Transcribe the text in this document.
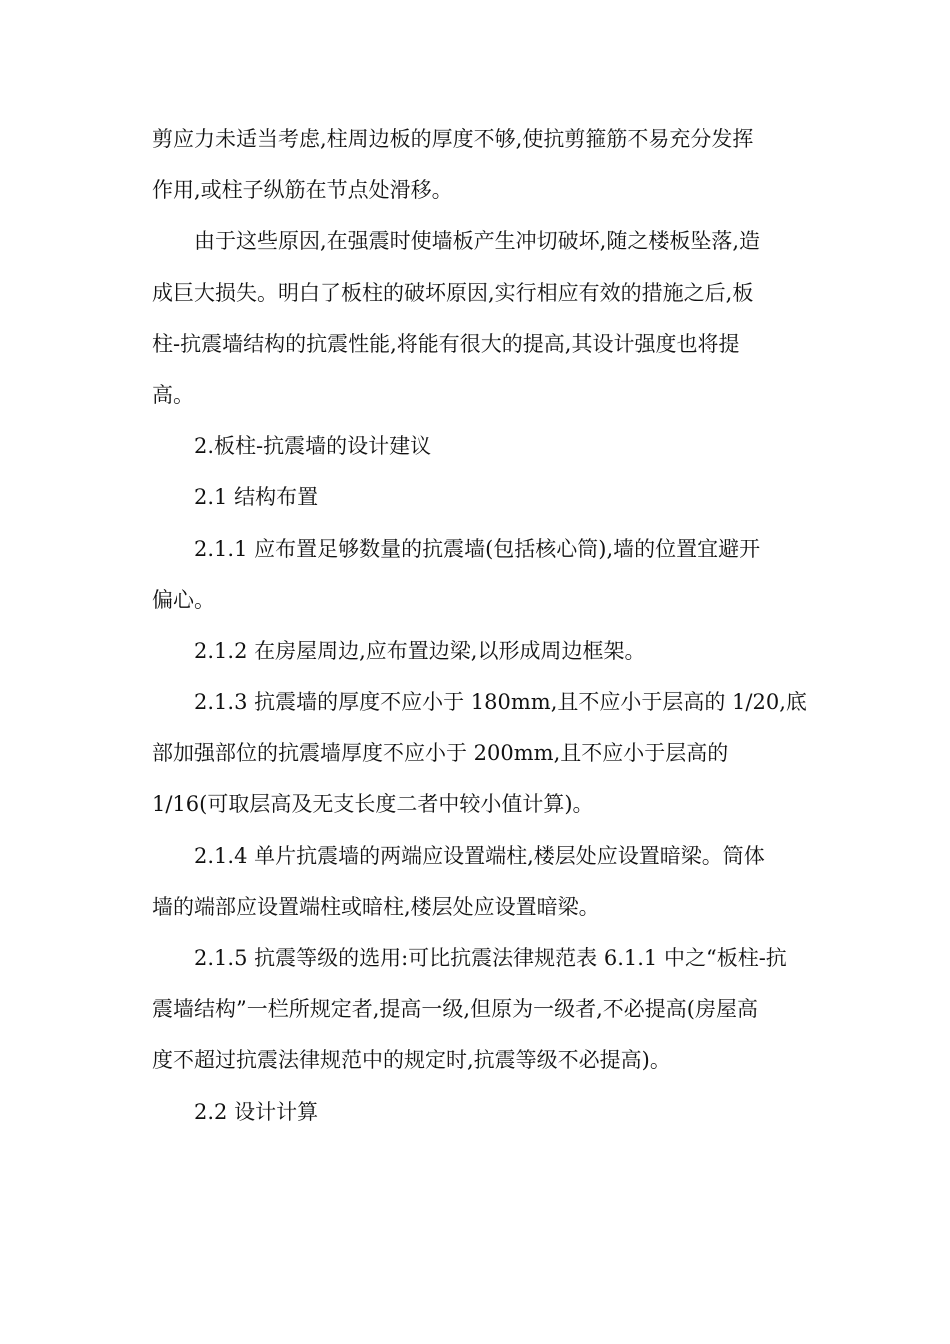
剪应力未适当考虑,柱周边板的厚度不够,使抗剪箍筋不易充分发挥
作用,或柱子纵筋在节点处滑移。
由于这些原因,在强震时使墙板产生冲切破坏,随之楼板坠落,造
成巨大损失。明白了板柱的破坏原因,实行相应有效的措施之后,板
柱-抗震墙结构的抗震性能,将能有很大的提高,其设计强度也将提
高。
2.板柱-抗震墙的设计建议
2.1 结构布置
2.1.1 应布置足够数量的抗震墙(包括核心筒),墙的位置宜避开
偏心。
2.1.2 在房屋周边,应布置边梁,以形成周边框架。
2.1.3 抗震墙的厚度不应小于 180mm,且不应小于层高的 1/20,底
部加强部位的抗震墙厚度不应小于 200mm,且不应小于层高的
1/16(可取层高及无支长度二者中较小值计算)。
2.1.4 单片抗震墙的两端应设置端柱,楼层处应设置暗梁。筒体
墙的端部应设置端柱或暗柱,楼层处应设置暗梁。
2.1.5 抗震等级的选用:可比抗震法律规范表 6.1.1 中之“板柱-抗
震墙结构”一栏所规定者,提高一级,但原为一级者,不必提高(房屋高
度不超过抗震法律规范中的规定时,抗震等级不必提高)。
2.2 设计计算
